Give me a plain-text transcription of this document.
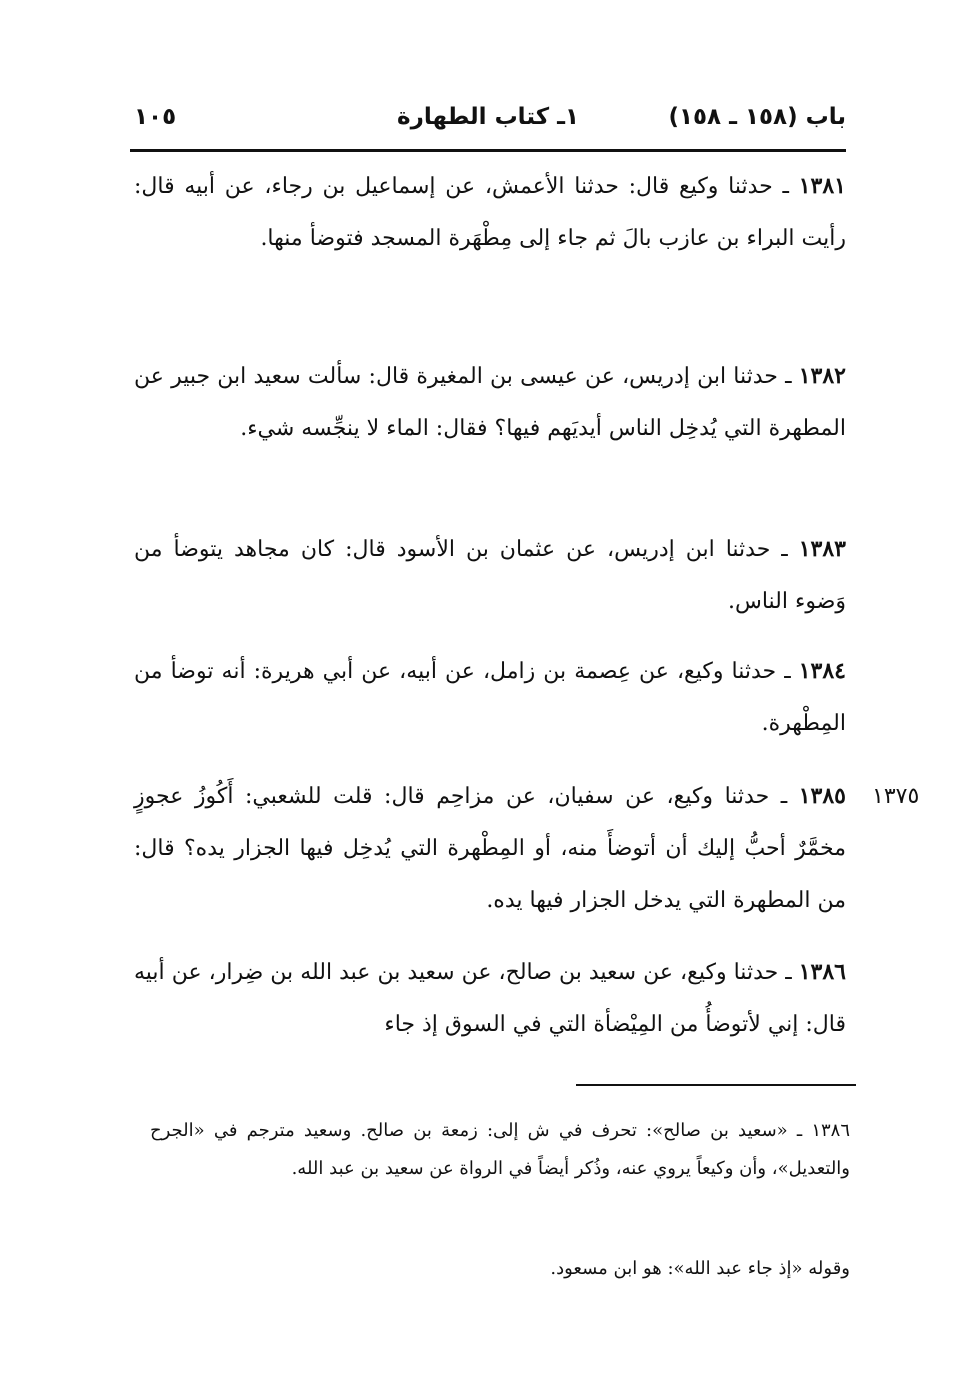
باب (١٥٨ ـ ١٥٨)
١ـ كتاب الطهارة
١٠٥

١٣٨١ ـ حدثنا وكيع قال: حدثنا الأعمش، عن إسماعيل بن رجاء، عن أبيه قال: رأيت البراء بن عازب بالَ ثم جاء إلى مِطْهَرة المسجد فتوضأ منها.

١٣٨٢ ـ حدثنا ابن إدريس، عن عيسى بن المغيرة قال: سألت سعيد ابن جبير عن المطهرة التي يُدخِل الناس أيديَهم فيها؟ فقال: الماء لا ينجِّسه شيء.

١٣٨٣ ـ حدثنا ابن إدريس، عن عثمان بن الأسود قال: كان مجاهد يتوضأ من وَضوء الناس.

١٣٨٤ ـ حدثنا وكيع، عن عِصمة بن زامل، عن أبيه، عن أبي هريرة: أنه توضأ من المِطْهرة.

١٣٧٥

١٣٨٥ ـ حدثنا وكيع، عن سفيان، عن مزاحِم قال: قلت للشعبي: أَكُوزُ عجوزٍ مخمَّرٌ أحبُّ إليك أن أتوضأَ منه، أو المِطْهرة التي يُدخِل فيها الجزار يده؟ قال: من المطهرة التي يدخل الجزار فيها يده.

١٣٨٦ ـ حدثنا وكيع، عن سعيد بن صالح، عن سعيد بن عبد الله بن ضِرار، عن أبيه قال: إني لأتوضأُ من المِيْضأة التي في السوق إذ جاء

١٣٨٦ ـ «سعيد بن صالح»: تحرف في ش إلى: زمعة بن صالح. وسعيد مترجم في «الجرح والتعديل»، وأن وكيعاً يروي عنه، وذُكر أيضاً في الرواة عن سعيد بن عبد الله.

وقوله «إذ جاء عبد الله»: هو ابن مسعود.
